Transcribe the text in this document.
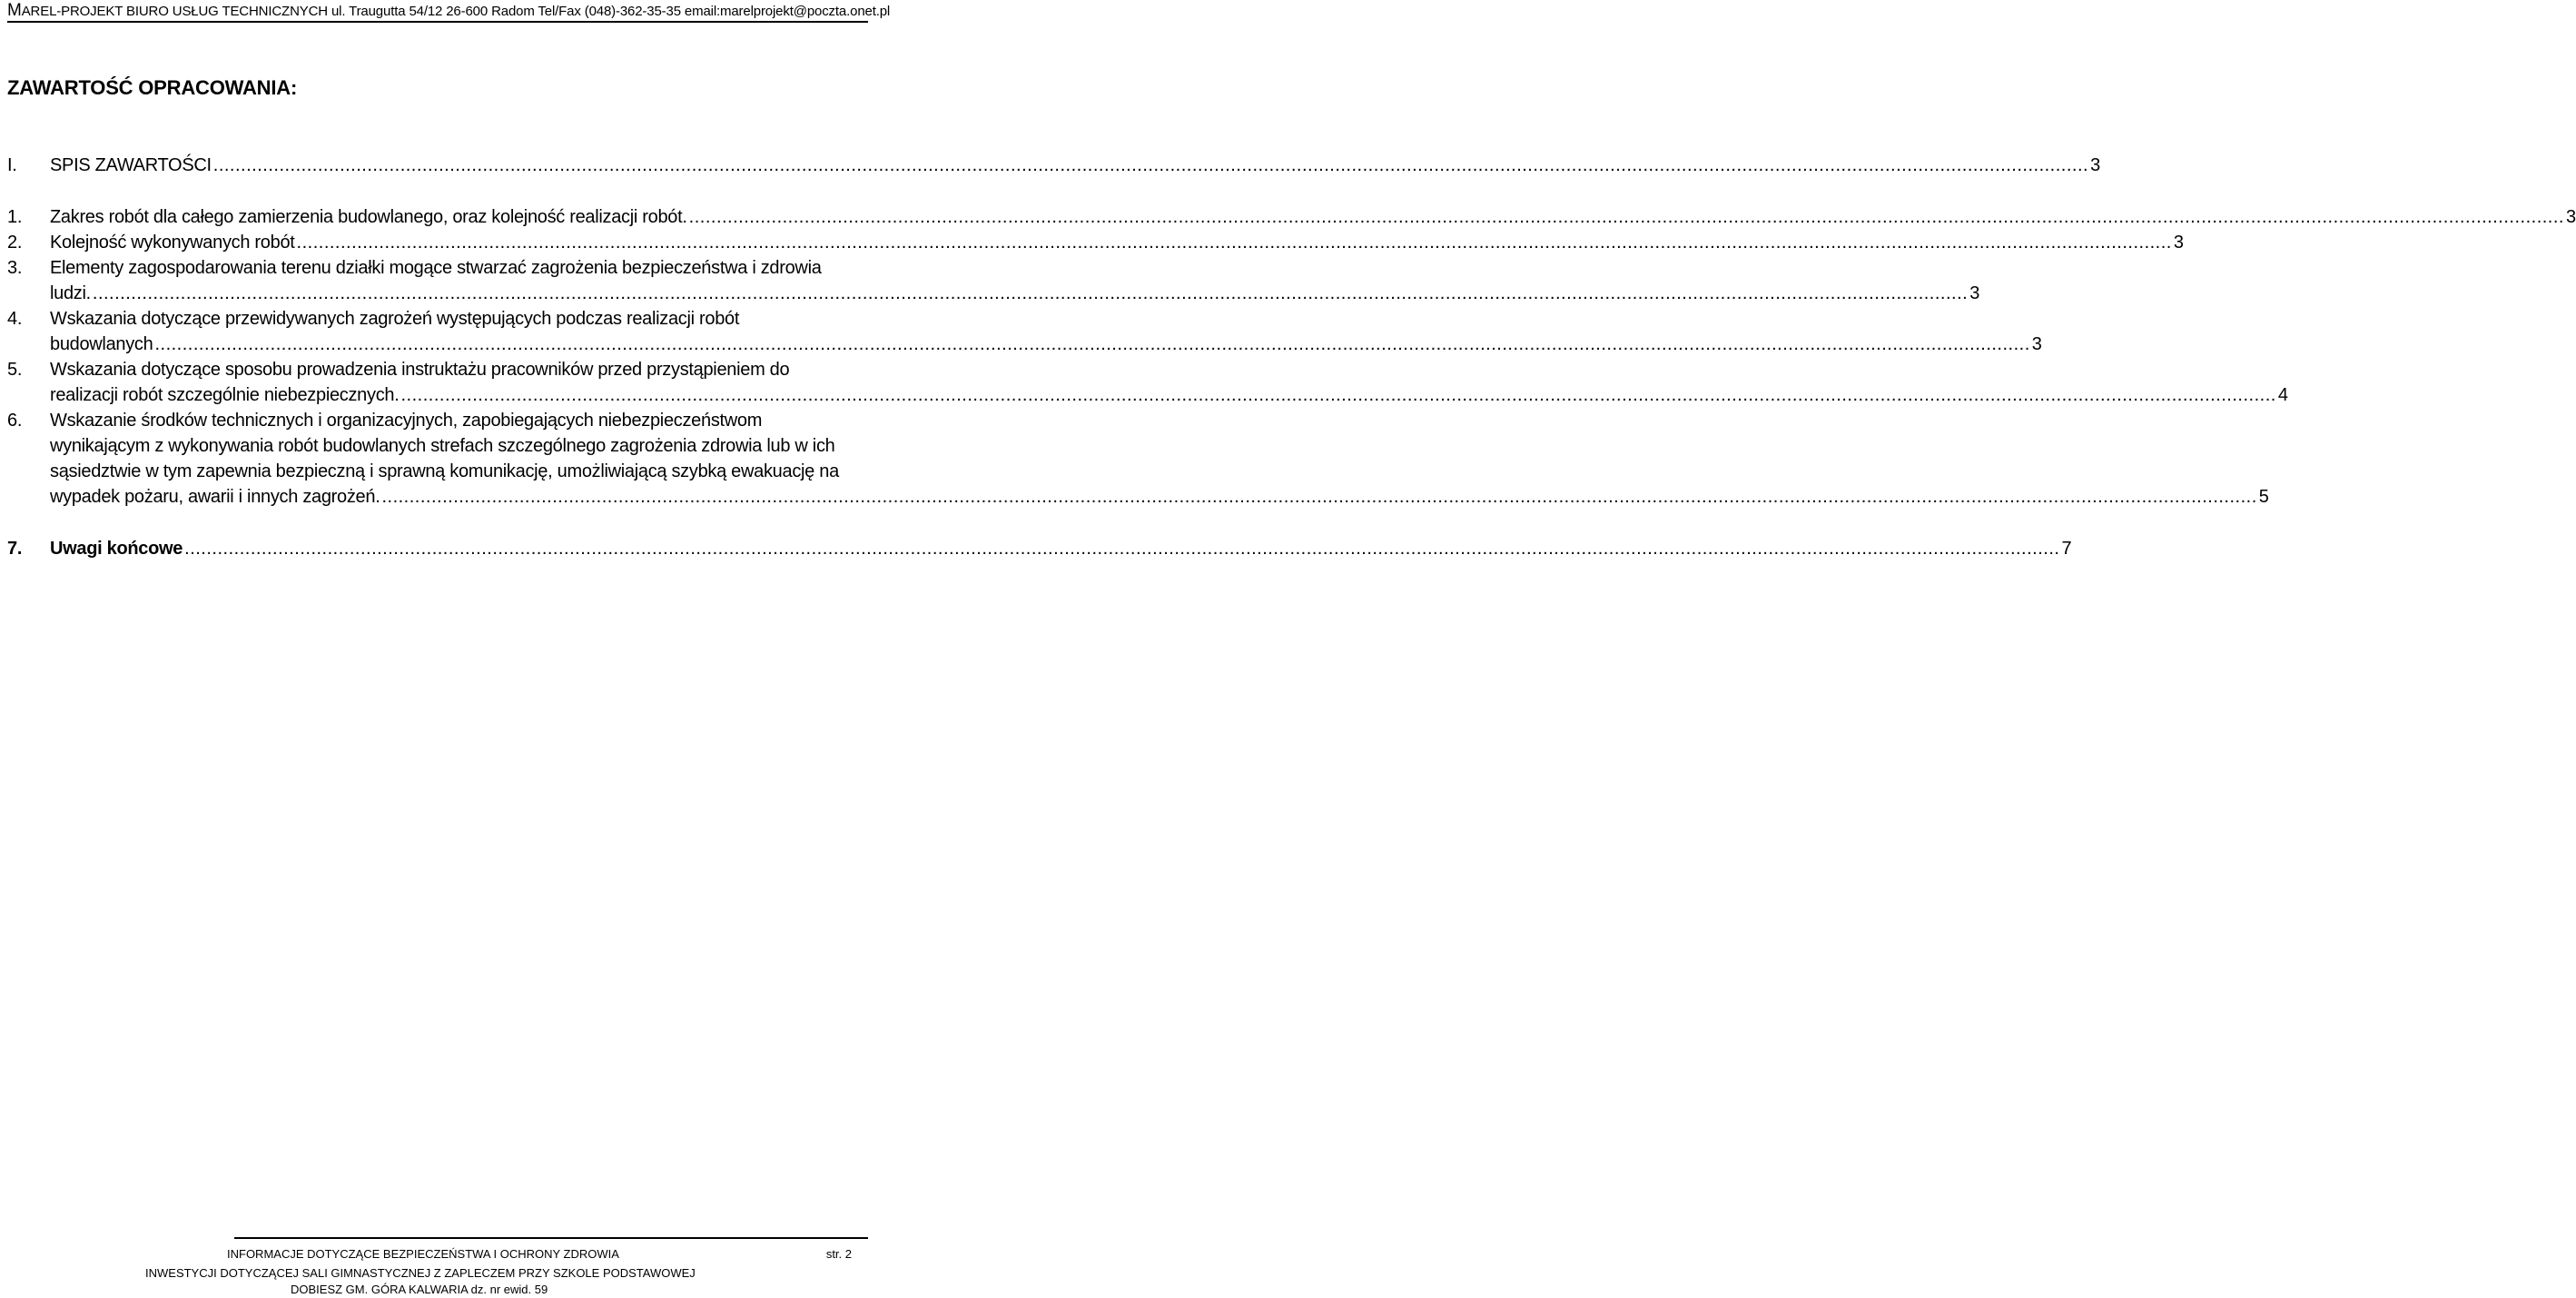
MAREL-PROJEKT BIURO USŁUG TECHNICZNYCH ul. Traugutta 54/12 26-600 Radom Tel/Fax (048)-362-35-35 email:marelprojekt@poczta.onet.pl
ZAWARTOŚĆ OPRACOWANIA:
I.	SPIS ZAWARTOŚCI .....	3
1. Zakres robót dla całego zamierzenia budowlanego, oraz kolejność realizacji robót. .....	3
2. Kolejność wykonywanych robót .....	3
3. Elementy zagospodarowania terenu działki mogące stwarzać zagrożenia bezpieczeństwa i zdrowia
ludzi. .....	3
4. Wskazania dotyczące przewidywanych zagrożeń występujących podczas realizacji robót
budowlanych .....	3
5. Wskazania dotyczące sposobu prowadzenia instruktażu pracowników przed przystąpieniem do
realizacji robót szczególnie niebezpiecznych. .....	4
6. Wskazanie środków technicznych i organizacyjnych, zapobiegających niebezpieczeństwom
wynikającym z wykonywania robót budowlanych strefach szczególnego zagrożenia zdrowia lub w ich
sąsiedztwie w tym zapewnia bezpieczną i sprawną komunikację, umożliwiającą szybką ewakuację na
wypadek pożaru, awarii i innych zagrożeń. .....	5
7.	Uwagi końcowe .....	7
INFORMACJE DOTYCZĄCE BEZPIECZEŃSTWA I OCHRONY ZDROWIA	str. 2
INWESTYCJI DOTYCZĄCEJ SALI GIMNASTYCZNEJ Z ZAPLECZEM PRZY SZKOLE PODSTAWOWEJ
DOBIESZ GM. GÓRA KALWARIA dz. nr ewid. 59
